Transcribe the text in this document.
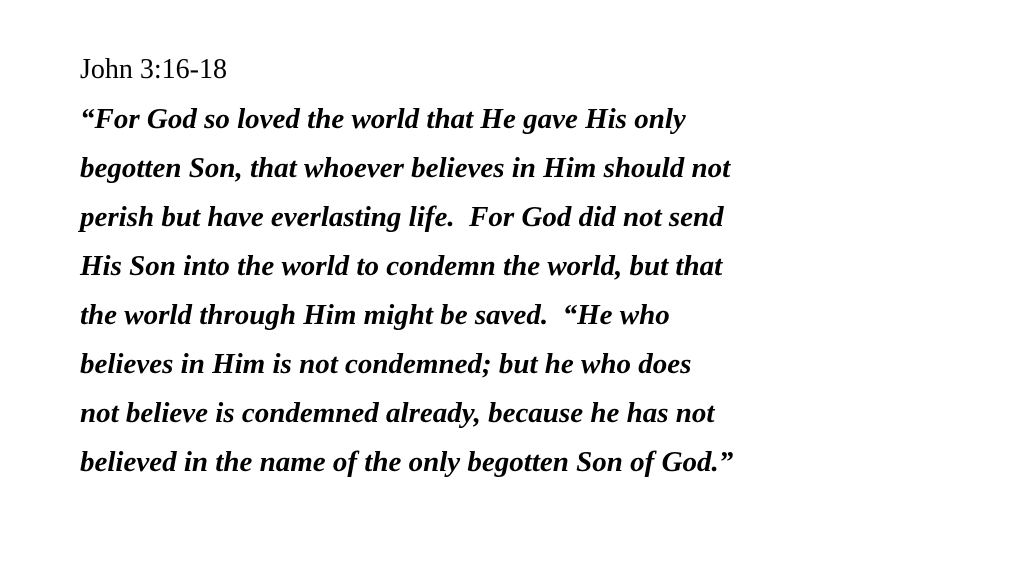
John 3:16-18
“For God so loved the world that He gave His only
begotten Son, that whoever believes in Him should not
perish but have everlasting life.  For God did not send
His Son into the world to condemn the world, but that
the world through Him might be saved.  “He who
believes in Him is not condemned; but he who does
not believe is condemned already, because he has not
believed in the name of the only begotten Son of God.”
